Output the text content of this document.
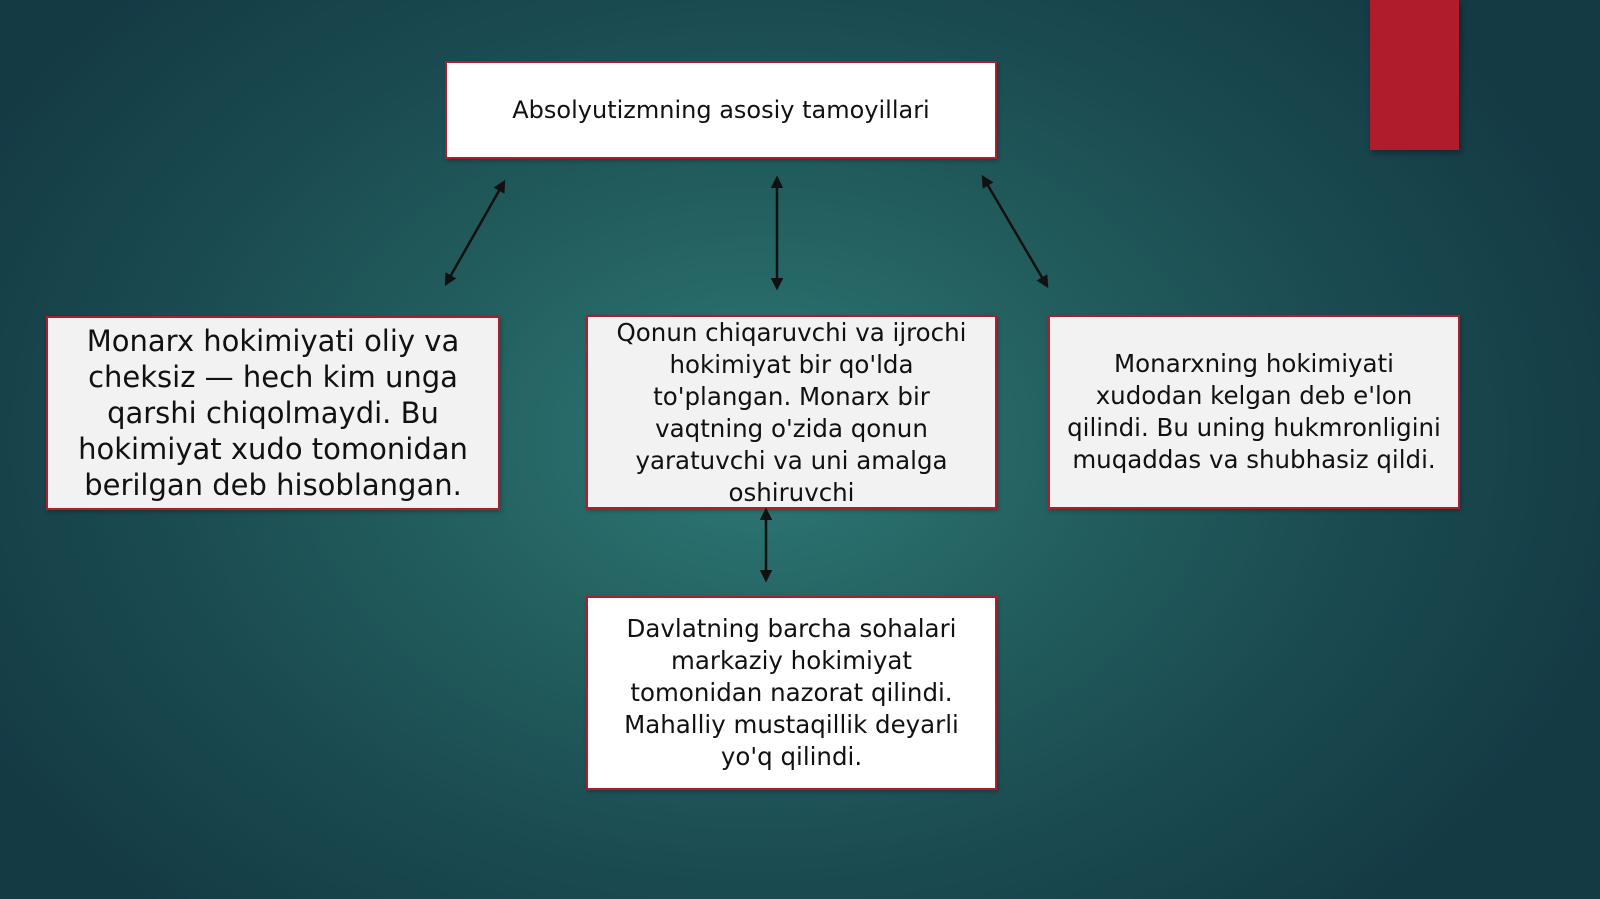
Absolyutizmning asosiy tamoyillari
Monarx hokimiyati oliy va cheksiz — hech kim unga qarshi chiqolmaydi. Bu hokimiyat xudo tomonidan berilgan deb hisoblangan.
Qonun chiqaruvchi va ijrochi hokimiyat bir qo'lda to'plangan. Monarx bir vaqtning o'zida qonun yaratuvchi va uni amalga oshiruvchi
Monarxning hokimiyati xudodan kelgan deb e'lon qilindi. Bu uning hukmronligini muqaddas va shubhasiz qildi.
Davlatning barcha sohalari markaziy hokimiyat tomonidan nazorat qilindi. Mahalliy mustaqillik deyarli yo'q qilindi.
